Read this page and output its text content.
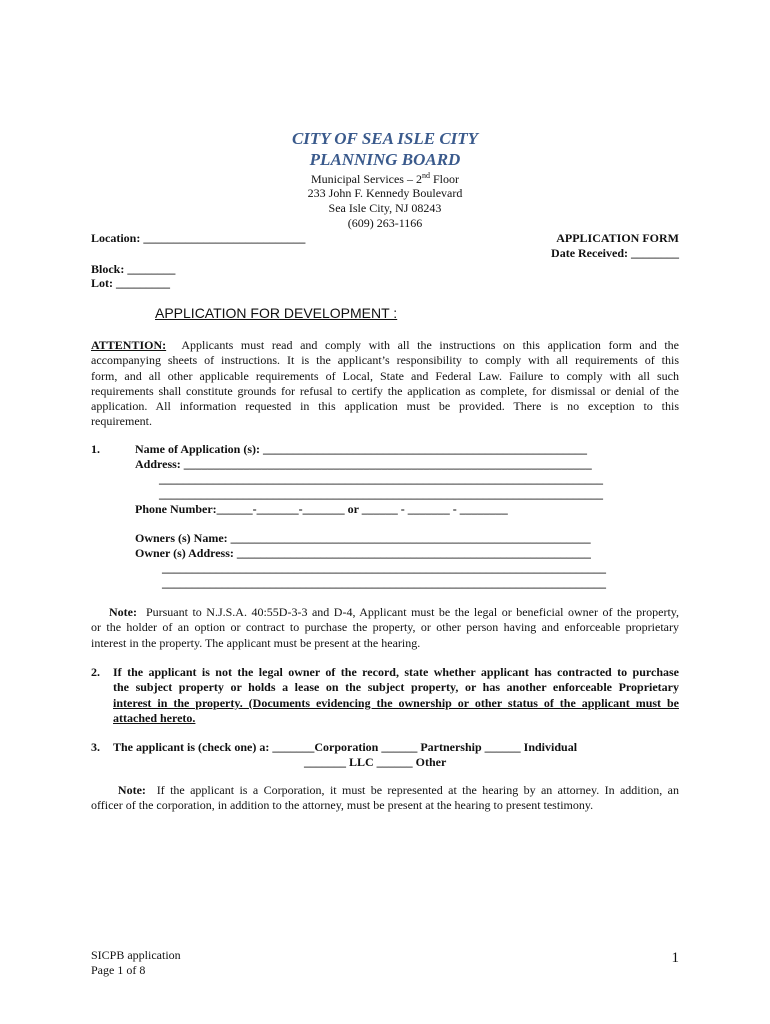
CITY OF SEA ISLE CITY
PLANNING BOARD
Municipal Services – 2nd Floor
233 John F. Kennedy Boulevard
Sea Isle City, NJ 08243
(609) 263-1166
Location: ___________________________	APPLICATION FORM
Date Received: ________
Block: ________
Lot: _________
APPLICATION FOR DEVELOPMENT :
ATTENTION: Applicants must read and comply with all the instructions on this application form and the
accompanying sheets of instructions. It is the applicant’s responsibility to comply with all requirements of this
form, and all other applicable requirements of Local, State and Federal Law. Failure to comply with all such
requirements shall constitute grounds for refusal to certify the application as complete, for dismissal or denial of the
application. All information requested in this application must be provided. There is no exception to this
requirement.
1.	Name of Application (s): ______________________________________________________
Address: ____________________________________________________________________
__________________________________________________________________________
__________________________________________________________________________
Phone Number:______-_______-_______ or ______ - _______ - ________
Owners (s) Name: ____________________________________________________________
Owner (s) Address: ___________________________________________________________
__________________________________________________________________________
__________________________________________________________________________
Note: Pursuant to N.J.S.A. 40:55D-3-3 and D-4, Applicant must be the legal or beneficial owner of the property,
or the holder of an option or contract to purchase the property, or other person having and enforceable proprietary
interest in the property. The applicant must be present at the hearing.
2. If the applicant is not the legal owner of the record, state whether applicant has contracted to purchase
the subject property or holds a lease on the subject property, or has another enforceable Proprietary
interest in the property. (Documents evidencing the ownership or other status of the applicant must be
attached hereto.
3. The applicant is (check one) a: _______Corporation ______ Partnership ______ Individual
_______ LLC ______ Other
Note: If the applicant is a Corporation, it must be represented at the hearing by an attorney. In addition, an
officer of the corporation, in addition to the attorney, must be present at the hearing to present testimony.
SICPB application
Page 1 of 8
1
